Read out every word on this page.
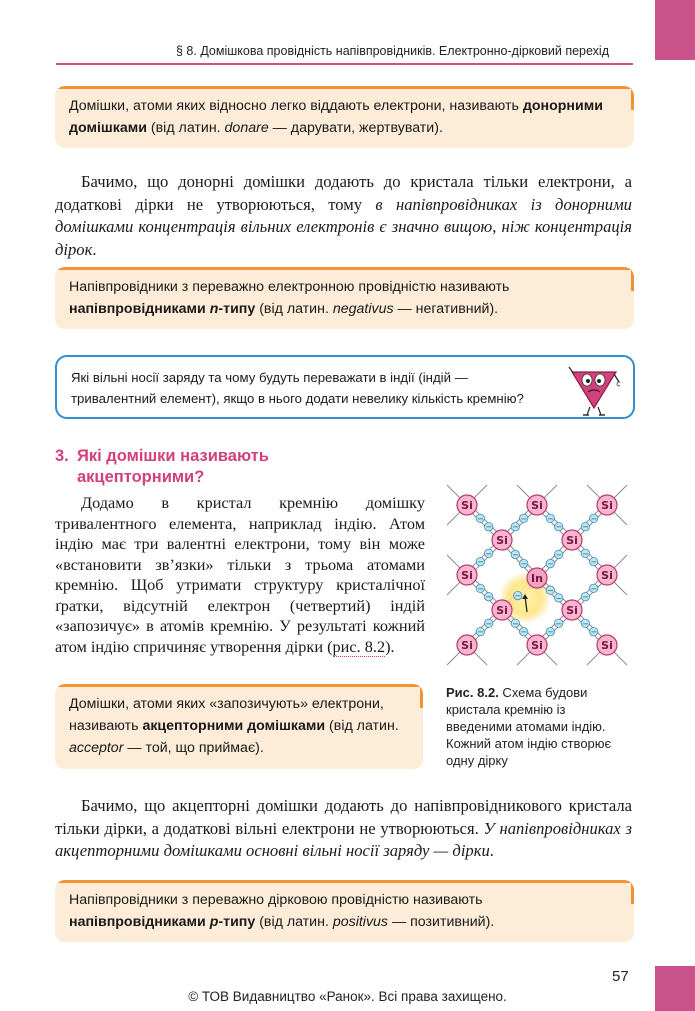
§ 8. Домішкова провідність напівпровідників. Електронно-дірковий перехід
Домішки, атоми яких відносно легко віддають електрони, називають донорними домішками (від латин. donare — дарувати, жертвувати).
Бачимо, що донорні домішки додають до кристала тільки електрони, а додаткові дірки не утворюються, тому в напівпровідниках із донорними домішками концентрація вільних електронів є значно вищою, ніж концентрація дірок.
Напівпровідники з переважно електронною провідністю називають напівпровідниками n-типу (від латин. negativus — негативний).
Які вільні носії заряду та чому будуть переважати в індії (індій — тривалентний елемент), якщо в нього додати невелику кількість кремнію?
3. Які домішки називають
акцепторними?
Додамо в кристал кремнію домішку тривалентного елемента, наприклад індію. Атом індію має три валентні електрони, тому він може «встановити зв’язки» тільки з трьома атомами кремнію. Щоб утримати структуру кристалічної ґратки, відсутній електрон (четвертий) індій «запозичує» в атомів кремнію. У результаті кожний атом індію спричиняє утворення дірки (рис. 8.2).
−
−
−
−
−
−
−
−
−
−
−
−
−
−
−
−
−
−	−
−
−
−
−
−
−
−
−
−
−
−
−
Si	Si	Si
Si	Si
Si	In	Si
Si	Si
Si	Si	Si
Домішки, атоми яких «запозичують» електрони, називають акцепторними домішками (від латин. acceptor — той, що приймає).
Рис. 8.2. Схема будови кристала кремнію із введеними атомами індію. Кожний атом індію створює одну дірку
Бачимо, що акцепторні домішки додають до напівпровідникового кристала тільки дірки, а додаткові вільні електрони не утворюються. У напівпровідниках з акцепторними домішками основні вільні носії заряду — дірки.
Напівпровідники з переважно дірковою провідністю називають напівпровідниками p-типу (від латин. positivus — позитивний).
57
© ТОВ Видавництво «Ранок». Всі права захищено.
